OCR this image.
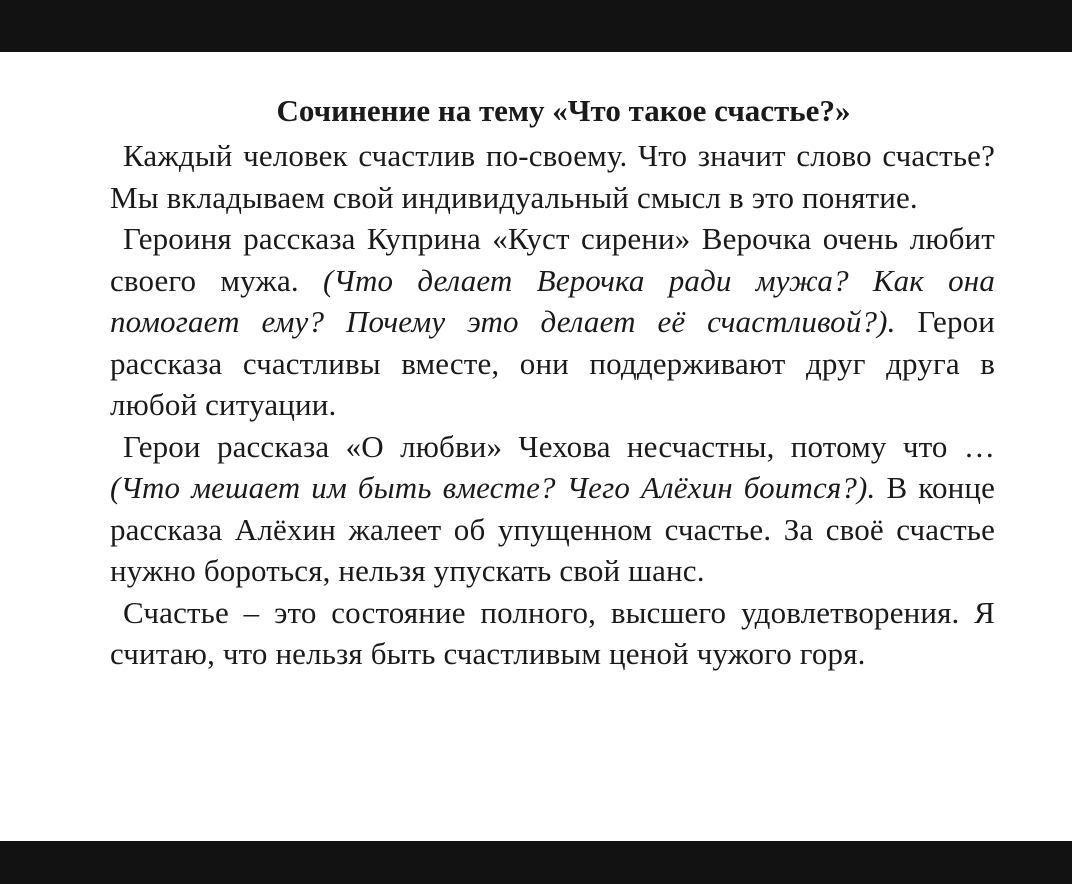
Сочинение на тему «Что такое счастье?»

Каждый человек счастлив по-своему. Что значит слово счастье? Мы вкладываем свой индивидуальный смысл в это понятие.

Героиня рассказа Куприна «Куст сирени» Верочка очень любит своего мужа. (Что делает Верочка ради мужа? Как она помогает ему? Почему это делает её счастливой?). Герои рассказа счастливы вместе, они поддерживают друг друга в любой ситуации.

Герои рассказа «О любви» Чехова несчастны, потому что … (Что мешает им быть вместе? Чего Алёхин боится?). В конце рассказа Алёхин жалеет об упущенном счастье. За своё счастье нужно бороться, нельзя упускать свой шанс.

Счастье – это состояние полного, высшего удовлетворения. Я считаю, что нельзя быть счастливым ценой чужого горя.
